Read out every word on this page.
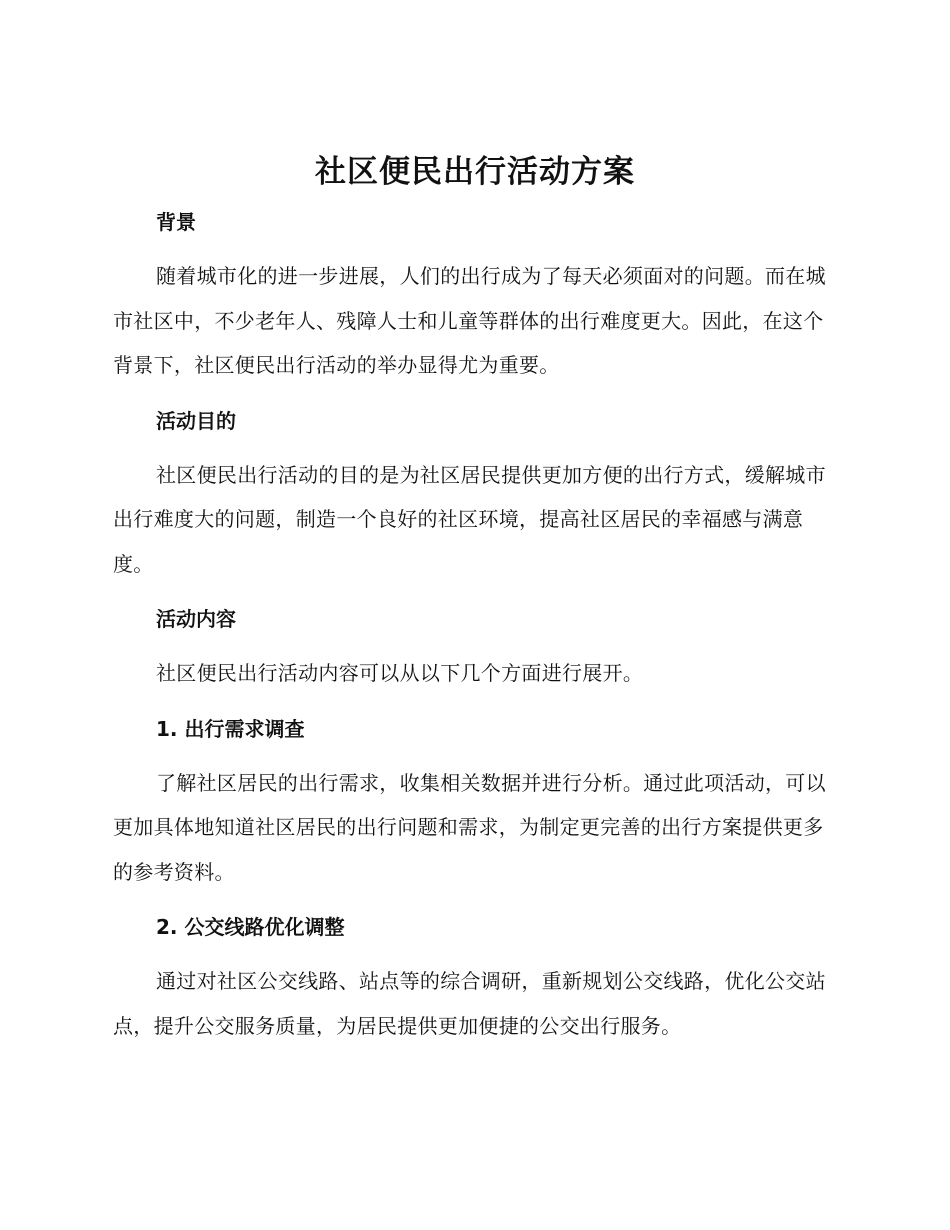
社区便民出行活动方案

背景

随着城市化的进一步进展，人们的出行成为了每天必须面对的问题。而在城市社区中，不少老年人、残障人士和儿童等群体的出行难度更大。因此，在这个背景下，社区便民出行活动的举办显得尤为重要。

活动目的

社区便民出行活动的目的是为社区居民提供更加方便的出行方式，缓解城市出行难度大的问题，制造一个良好的社区环境，提高社区居民的幸福感与满意度。

活动内容

社区便民出行活动内容可以从以下几个方面进行展开。

1. 出行需求调查

了解社区居民的出行需求，收集相关数据并进行分析。通过此项活动，可以更加具体地知道社区居民的出行问题和需求，为制定更完善的出行方案提供更多的参考资料。

2. 公交线路优化调整

通过对社区公交线路、站点等的综合调研，重新规划公交线路，优化公交站点，提升公交服务质量，为居民提供更加便捷的公交出行服务。
